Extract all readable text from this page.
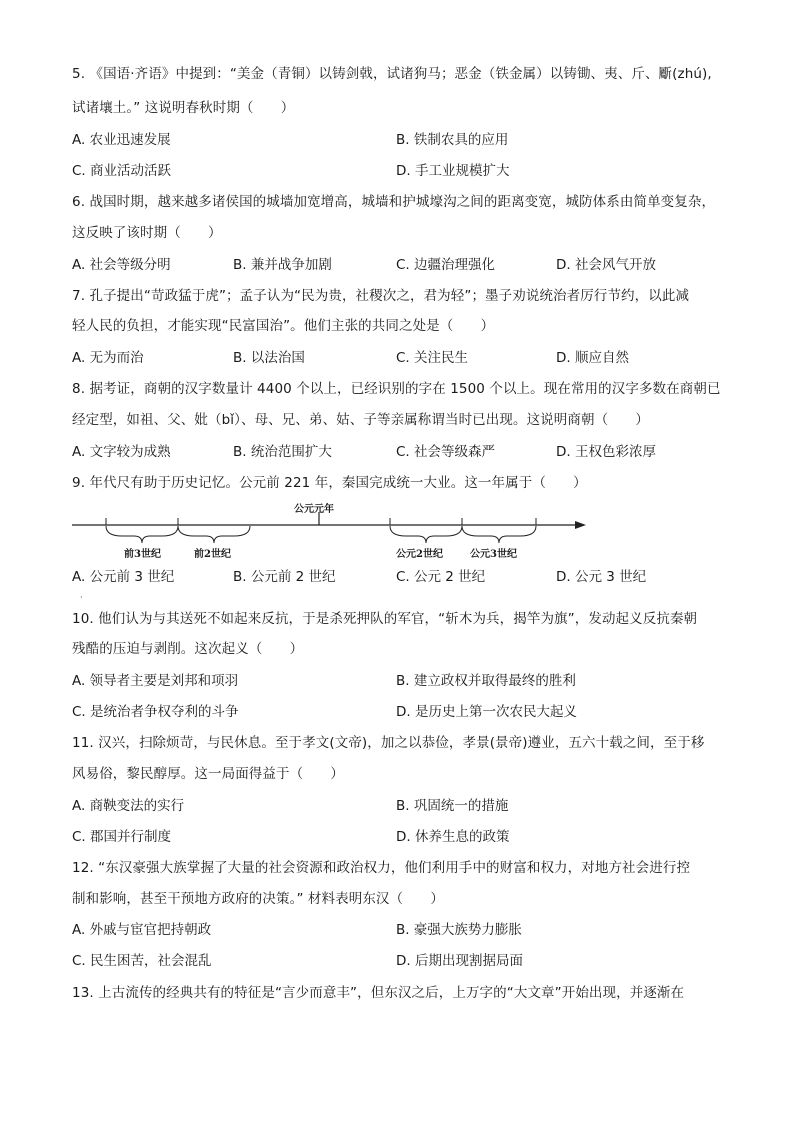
5. 《国语·齐语》中提到：“美金（青铜）以铸剑戟，试诸狗马；恶金（铁金属）以铸锄、夷、斤、斸(zhú),
试诸壤土。” 这说明春秋时期（　　）
A. 农业迅速发展	B. 铁制农具的应用
C. 商业活动活跃	D. 手工业规模扩大
6. 战国时期，越来越多诸侯国的城墙加宽增高，城墙和护城壕沟之间的距离变宽，城防体系由简单变复杂，
这反映了该时期（　　）
A. 社会等级分明	B. 兼并战争加剧	C. 边疆治理强化	D. 社会风气开放
7. 孔子提出“苛政猛于虎”；孟子认为“民为贵，社稷次之，君为轻”；墨子劝说统治者厉行节约，以此减
轻人民的负担，才能实现“民富国治”。他们主张的共同之处是（　　）
A. 无为而治	B. 以法治国	C. 关注民生	D. 顺应自然
8. 据考证，商朝的汉字数量计 4400 个以上，已经识别的字在 1500 个以上。现在常用的汉字多数在商朝已
经定型，如祖、父、妣（bǐ）、母、兄、弟、姑、子等亲属称谓当时已出现。这说明商朝（　　）
A. 文字较为成熟	B. 统治范围扩大	C. 社会等级森严	D. 王权色彩浓厚
9. 年代尺有助于历史记忆。公元前 221 年，秦国完成统一大业。这一年属于（　　）
公元元年
前3世纪	前2世纪	公元2世纪	公元3世纪
A. 公元前 3 世纪	B. 公元前 2 世纪	C. 公元 2 世纪	D. 公元 3 世纪
·
10. 他们认为与其送死不如起来反抗，于是杀死押队的军官，“斩木为兵，揭竿为旗”，发动起义反抗秦朝
残酷的压迫与剥削。这次起义（　　）
A. 领导者主要是刘邦和项羽	B. 建立政权并取得最终的胜利
C. 是统治者争权夺利的斗争	D. 是历史上第一次农民大起义
11. 汉兴，扫除烦苛，与民休息。至于孝文(文帝)，加之以恭俭，孝景(景帝)遵业，五六十载之间，至于移
风易俗，黎民醇厚。这一局面得益于（　　）
A. 商鞅变法的实行	B. 巩固统一的措施
C. 郡国并行制度	D. 休养生息的政策
12. “东汉豪强大族掌握了大量的社会资源和政治权力，他们利用手中的财富和权力，对地方社会进行控
制和影响，甚至干预地方政府的决策。” 材料表明东汉（　　）
A. 外戚与宦官把持朝政	B. 豪强大族势力膨胀
C. 民生困苦，社会混乱	D. 后期出现割据局面
13. 上古流传的经典共有的特征是“言少而意丰”，但东汉之后，上万字的“大文章”开始出现，并逐渐在
